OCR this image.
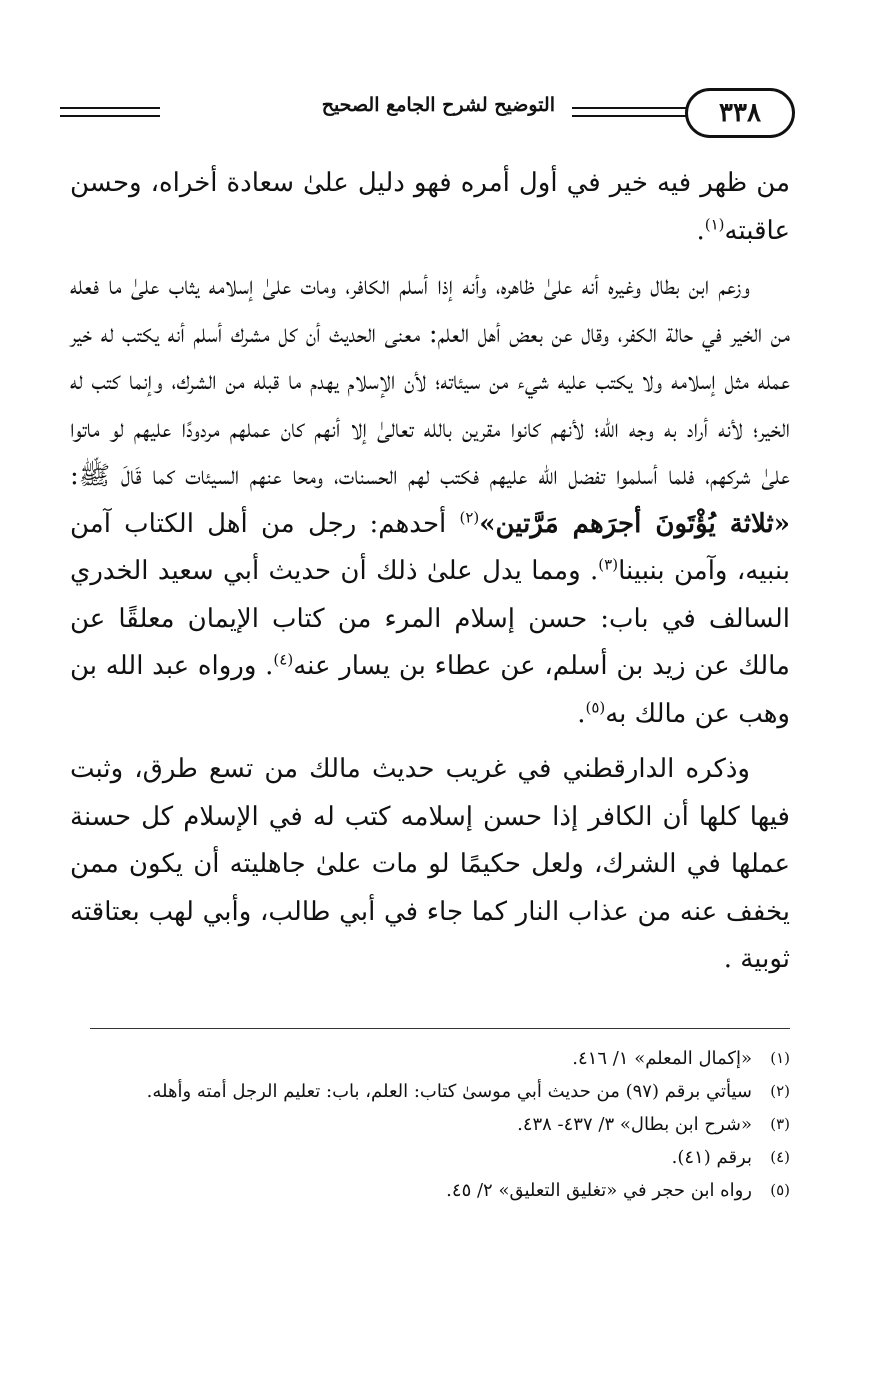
٣٣٨
التوضيح لشرح الجامع الصحيح

من ظهر فيه خير في أول أمره فهو دليل علىٰ سعادة أخراه، وحسن عاقبته$^{(١)}$.

وزعم ابن بطال وغيره أنه علىٰ ظاهره، وأنه إذا أسلم الكافر، ومات علىٰ إسلامه يثاب علىٰ ما فعله من الخير في حالة الكفر، وقال عن بعض أهل العلم: معنى الحديث أن كل مشرك أسلم أنه يكتب له خير عمله مثل إسلامه ولا يكتب عليه شيء من سيئاته؛ لأن الإسلام يهدم ما قبله من الشرك، وإنما كتب له الخير؛ لأنه أراد به وجه الله؛ لأنهم كانوا مقرين بالله تعالىٰ إلا أنهم كان عملهم مردودًا عليهم لو ماتوا علىٰ شركهم، فلما أسلموا تفضل الله عليهم فكتب لهم الحسنات، ومحا عنهم السيئات كما قَالَ ﷺ: «ثلاثة يُؤْتَونَ أجرَهم مَرَّتين»$^{(٢)}$ أحدهم: رجل من أهل الكتاب آمن بنبيه، وآمن بنبينا$^{(٣)}$. ومما يدل علىٰ ذلك أن حديث أبي سعيد الخدري السالف في باب: حسن إسلام المرء من كتاب الإيمان معلقًا عن مالك عن زيد بن أسلم، عن عطاء بن يسار عنه$^{(٤)}$. ورواه عبد الله بن وهب عن مالك به$^{(٥)}$.

وذكره الدارقطني في غريب حديث مالك من تسع طرق، وثبت فيها كلها أن الكافر إذا حسن إسلامه كتب له في الإسلام كل حسنة عملها في الشرك، ولعل حكيمًا لو مات علىٰ جاهليته أن يكون ممن يخفف عنه من عذاب النار كما جاء في أبي طالب، وأبي لهب بعتاقته ثوبية .

(١)
«إكمال المعلم» ١/ ٤١٦.
(٢)
سيأتي برقم (٩٧) من حديث أبي موسىٰ كتاب: العلم، باب: تعليم الرجل أمته وأهله.
(٣)
«شرح ابن بطال» ٣/ ٤٣٧- ٤٣٨.
(٤)
برقم (٤١).
(٥)
رواه ابن حجر في «تغليق التعليق» ٢/ ٤٥.
